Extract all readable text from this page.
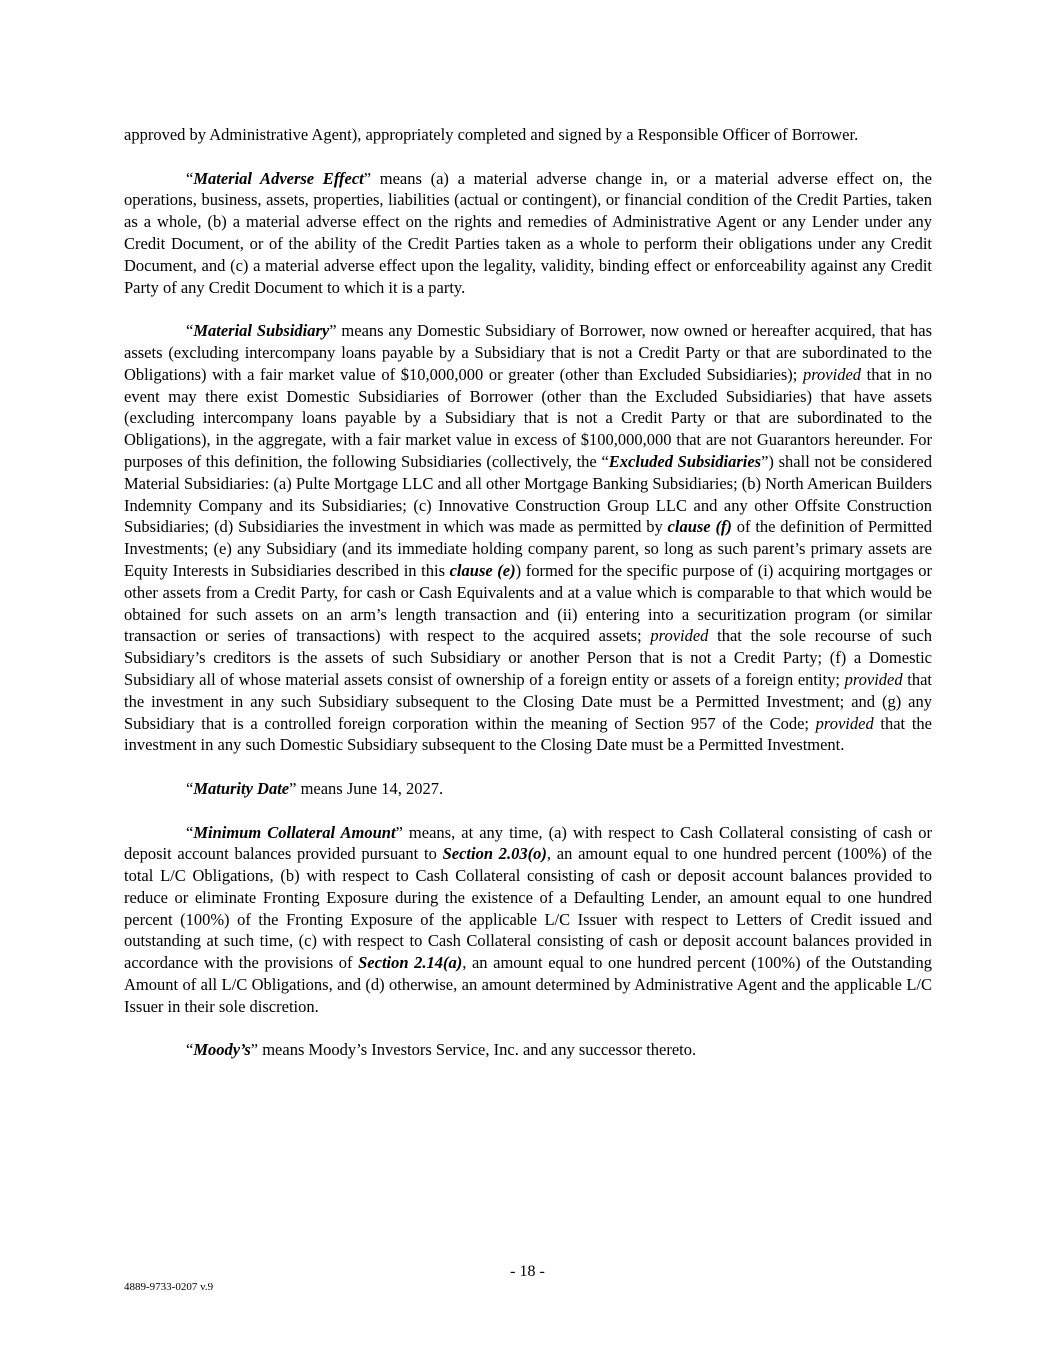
approved by Administrative Agent), appropriately completed and signed by a Responsible Officer of Borrower.

“Material Adverse Effect” means (a) a material adverse change in, or a material adverse effect on, the operations, business, assets, properties, liabilities (actual or contingent), or financial condition of the Credit Parties, taken as a whole, (b) a material adverse effect on the rights and remedies of Administrative Agent or any Lender under any Credit Document, or of the ability of the Credit Parties taken as a whole to perform their obligations under any Credit Document, and (c) a material adverse effect upon the legality, validity, binding effect or enforceability against any Credit Party of any Credit Document to which it is a party.

“Material Subsidiary” means any Domestic Subsidiary of Borrower, now owned or hereafter acquired, that has assets (excluding intercompany loans payable by a Subsidiary that is not a Credit Party or that are subordinated to the Obligations) with a fair market value of $10,000,000 or greater (other than Excluded Subsidiaries); provided that in no event may there exist Domestic Subsidiaries of Borrower (other than the Excluded Subsidiaries) that have assets (excluding intercompany loans payable by a Subsidiary that is not a Credit Party or that are subordinated to the Obligations), in the aggregate, with a fair market value in excess of $100,000,000 that are not Guarantors hereunder. For purposes of this definition, the following Subsidiaries (collectively, the “Excluded Subsidiaries”) shall not be considered Material Subsidiaries: (a) Pulte Mortgage LLC and all other Mortgage Banking Subsidiaries; (b) North American Builders Indemnity Company and its Subsidiaries; (c) Innovative Construction Group LLC and any other Offsite Construction Subsidiaries; (d) Subsidiaries the investment in which was made as permitted by clause (f) of the definition of Permitted Investments; (e) any Subsidiary (and its immediate holding company parent, so long as such parent’s primary assets are Equity Interests in Subsidiaries described in this clause (e)) formed for the specific purpose of (i) acquiring mortgages or other assets from a Credit Party, for cash or Cash Equivalents and at a value which is comparable to that which would be obtained for such assets on an arm’s length transaction and (ii) entering into a securitization program (or similar transaction or series of transactions) with respect to the acquired assets; provided that the sole recourse of such Subsidiary’s creditors is the assets of such Subsidiary or another Person that is not a Credit Party; (f) a Domestic Subsidiary all of whose material assets consist of ownership of a foreign entity or assets of a foreign entity; provided that the investment in any such Subsidiary subsequent to the Closing Date must be a Permitted Investment; and (g) any Subsidiary that is a controlled foreign corporation within the meaning of Section 957 of the Code; provided that the investment in any such Domestic Subsidiary subsequent to the Closing Date must be a Permitted Investment.

“Maturity Date” means June 14, 2027.

“Minimum Collateral Amount” means, at any time, (a) with respect to Cash Collateral consisting of cash or deposit account balances provided pursuant to Section 2.03(o), an amount equal to one hundred percent (100%) of the total L/C Obligations, (b) with respect to Cash Collateral consisting of cash or deposit account balances provided to reduce or eliminate Fronting Exposure during the existence of a Defaulting Lender, an amount equal to one hundred percent (100%) of the Fronting Exposure of the applicable L/C Issuer with respect to Letters of Credit issued and outstanding at such time, (c) with respect to Cash Collateral consisting of cash or deposit account balances provided in accordance with the provisions of Section 2.14(a), an amount equal to one hundred percent (100%) of the Outstanding Amount of all L/C Obligations, and (d) otherwise, an amount determined by Administrative Agent and the applicable L/C Issuer in their sole discretion.

“Moody’s” means Moody’s Investors Service, Inc. and any successor thereto.

- 18 -
4889-9733-0207 v.9
